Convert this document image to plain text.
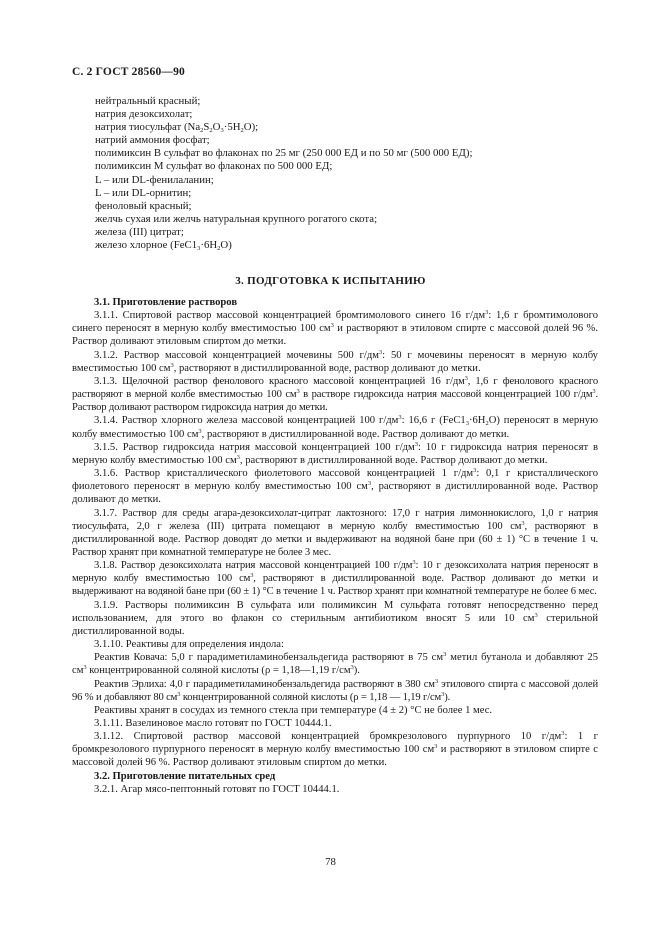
С. 2 ГОСТ 28560—90
нейтральный красный;
натрия дезоксихолат;
натрия тиосульфат $(Na_2S_2O_3\cdot 5H_2O)$;
натрий аммония фосфат;
полимиксин В сульфат во флаконах по 25 мг (250 000 ЕД и по 50 мг (500 000 ЕД);
полимиксин М сульфат во флаконах по 500 000 ЕД;
L – или DL-фенилаланин;
L – или DL-орнитин;
феноловый красный;
желчь сухая или желчь натуральная крупного рогатого скота;
железа (III) цитрат;
железо хлорное $(FeC1_3\cdot 6H_2O)$
3. ПОДГОТОВКА К ИСПЫТАНИЮ

3.1. Приготовление растворов

3.1.1. Спиртовой раствор массовой концентрацией бромтимолового синего 16 $г/дм^3$: 1,6 г бромтимолового синего переносят в мерную колбу вместимостью 100 $см^3$ и растворяют в этиловом спирте с массовой долей 96 %. Раствор доливают этиловым спиртом до метки.

3.1.2. Раствор массовой концентрацией мочевины 500 $г/дм^3$: 50 г мочевины переносят в мерную колбу вместимостью 100 $см^3$, растворяют в дистиллированной воде, раствор доливают до метки.

3.1.3. Щелочной раствор фенолового красного массовой концентрацией 16 $г/дм^3$, 1,6 г фенолового красного растворяют в мерной колбе вместимостью 100 $см^3$ в растворе гидроксида натрия массовой концентрацией 100 $г/дм^3$. Раствор доливают раствором гидроксида натрия до метки.

3.1.4. Раствор хлорного железа массовой концентрацией 100 $г/дм^3$: 16,6 г $(FeC1_3\cdot 6H_2O)$ переносят в мерную колбу вместимостью 100 $см^3$, растворяют в дистиллированной воде. Раствор доливают до метки.

3.1.5. Раствор гидроксида натрия массовой концентрацией 100 $г/дм^3$: 10 г гидроксида натрия переносят в мерную колбу вместимостью 100 $см^3$, растворяют в дистиллированной воде. Раствор доливают до метки.

3.1.6. Раствор кристаллического фиолетового массовой концентрацией 1 $г/дм^3$: 0,1 г кристаллического фиолетового переносят в мерную колбу вместимостью 100 $см^3$, растворяют в дистиллированной воде. Раствор доливают до метки.

3.1.7. Раствор для среды агара-дезоксихолат-цитрат лактозного: 17,0 г натрия лимоннокислого, 1,0 г натрия тиосульфата, 2,0 г железа (III) цитрата помещают в мерную колбу вместимостью 100 $см^3$, растворяют в дистиллированной воде. Раствор доводят до метки и выдерживают на водяной бане при (60 ± 1) °С в течение 1 ч. Раствор хранят при комнатной температуре не более 3 мес.

3.1.8. Раствор дезоксихолата натрия массовой концентрацией 100 $г/дм^3$: 10 г дезоксихолата натрия переносят в мерную колбу вместимостью 100 $см^3$, растворяют в дистиллированной воде. Раствор доливают до метки и выдерживают на водяной бане при (60 ± 1) °С в течение 1 ч. Раствор хранят при комнатной температуре не более 6 мес.

3.1.9. Растворы полимиксин В сульфата или полимиксин М сульфата готовят непосредственно перед использованием, для этого во флакон со стерильным антибиотиком вносят 5 или 10 $см^3$ стерильной дистиллированной воды.

3.1.10. Реактивы для определения индола:

Реактив Ковача: 5,0 г парадиметиламинобензальдегида растворяют в 75 $см^3$ метил бутанола и добавляют 25 $см^3$ концентрированной соляной кислоты (ρ = 1,18—1,19 $г/см^3$).

Реактив Эрлиха: 4,0 г парадиметиламинобензальдегида растворяют в 380 $см^3$ этилового спирта с массовой долей 96 % и добавляют 80 $см^3$ концентрированной соляной кислоты (ρ = 1,18 — 1,19 $г/см^3$).

Реактивы хранят в сосудах из темного стекла при температуре (4 ± 2) °С не более 1 мес.

3.1.11. Вазелиновое масло готовят по ГОСТ 10444.1.

3.1.12. Спиртовой раствор массовой концентрацией бромкрезолового пурпурного 10 $г/дм^3$: 1 г бромкрезолового пурпурного переносят в мерную колбу вместимостью 100 $см^3$ и растворяют в этиловом спирте с массовой долей 96 %. Раствор доливают этиловым спиртом до метки.

3.2. Приготовление питательных сред

3.2.1. Агар мясо-пептонный готовят по ГОСТ 10444.1.

78
